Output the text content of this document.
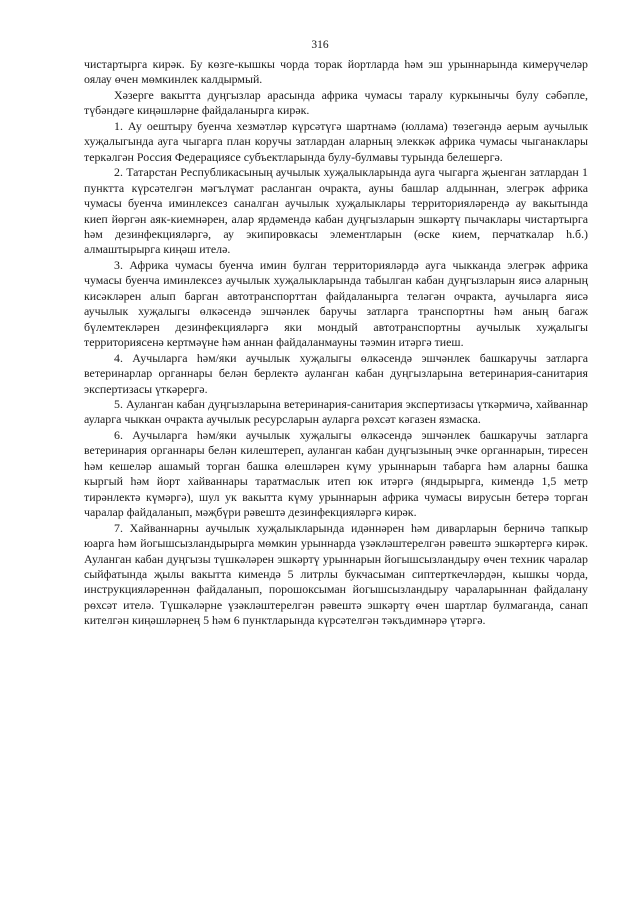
316

чистартырга кирәк. Бу көзге-кышкы чорда торак йортларда һәм эш урыннарында кимерүчеләр оялау өчен мөмкинлек калдырмый.

Хәзерге вакытта дуңгызлар арасында африка чумасы таралу куркынычы булу сәбәпле, түбәндәге киңәшләрне файдаланырга кирәк.

1. Ау оештыру буенча хезмәтләр күрсәтүгә шартнамә (юллама) төзегәндә аерым аучылык хуҗалыгында ауга чыгарга план коручы затлардан аларның элеккәк африка чумасы чыганаклары теркәлгән Россия Федерациясе субъектларында булу-булмавы турында белешергә.

2. Татарстан Республикасының аучылык хуҗалыкларында ауга чыгарга җыенган затлардан 1 пунктта күрсәтелгән мәгълүмат расланган очракта, ауны башлар алдыннан, элегрәк африка чумасы буенча иминлексез саналган аучылык хуҗалыклары территорияләрендә ау вакытында киеп йөргән аяк-киемнәрен, алар ярдәмендә кабан дуңгызларын эшкәртү пычаклары чистартырга һәм дезинфекцияләргә, ау экипировкасы элементларын (өске кием, перчаткалар һ.б.) алмаштырырга киңәш ителә.

3. Африка чумасы буенча имин булган территорияләрдә ауга чыкканда элегрәк африка чумасы буенча иминлексез аучылык хуҗалыкларында табылган кабан дуңгызларын яисә аларның кисәкләрен алып барган автотранспорттан файдаланырга теләгән очракта, аучыларга яисә аучылык хуҗалыгы өлкәсендә эшчәнлек баручы затларга транспортны һәм аның багаж бүлемтекләрен дезинфекцияләргә яки мондый автотранспортны аучылык хуҗалыгы территориясенә кертмәүне һәм аннан файдаланмауны тәэмин итәргә тиеш.

4. Аучыларга һәм/яки аучылык хуҗалыгы өлкәсендә эшчәнлек башкаручы затларга ветеринарлар органнары белән берлектә ауланган кабан дуңгызларына ветеринария-санитария экспертизасы үткәрергә.

5. Ауланган кабан дуңгызларына ветеринария-санитария экспертизасы үткәрмичә, хайваннар ауларга чыккан очракта аучылык ресурсларын ауларга рөхсәт кәгазен язмаска.

6. Аучыларга һәм/яки аучылык хуҗалыгы өлкәсендә эшчәнлек башкаручы затларга ветеринария органнары белән килештереп, ауланган кабан дуңгызының эчке органнарын, тиресен һәм кешеләр ашамый торган башка өлешләрен күму урыннарын табарга һәм аларны башка кыргый һәм йорт хайваннары таратмаслык итеп юк итәргә (яндырырга, кимендә 1,5 метр тирәнлектә күмәргә), шул ук вакытта күму урыннарын африка чумасы вирусын бетерә торган чаралар файдаланып, мәҗбүри рәвештә дезинфекцияләргә кирәк.

7. Хайваннарны аучылык хуҗалыкларында идәннәрен һәм диварларын берничә тапкыр юарга һәм йогышсызландырырга мөмкин урыннарда үзәкләштерелгән рәвештә эшкәртергә кирәк. Ауланган кабан дуңгызы түшкәләрен эшкәртү урыннарын йогышсызландыру өчен техник чаралар сыйфатында җылы вакытта кимендә 5 литрлы букчасыман сиптерткечләрдән, кышкы чорда, инструкцияләреннән файдаланып, порошоксыман йогышсызландыру чараларыннан файдалану рөхсәт ителә. Түшкәләрне үзәкләштерелгән рәвештә эшкәртү өчен шартлар булмаганда, санап кителгән киңәшләрнең 5 һәм 6 пунктларында күрсәтелгән тәкъдимнәрә үтәргә.
